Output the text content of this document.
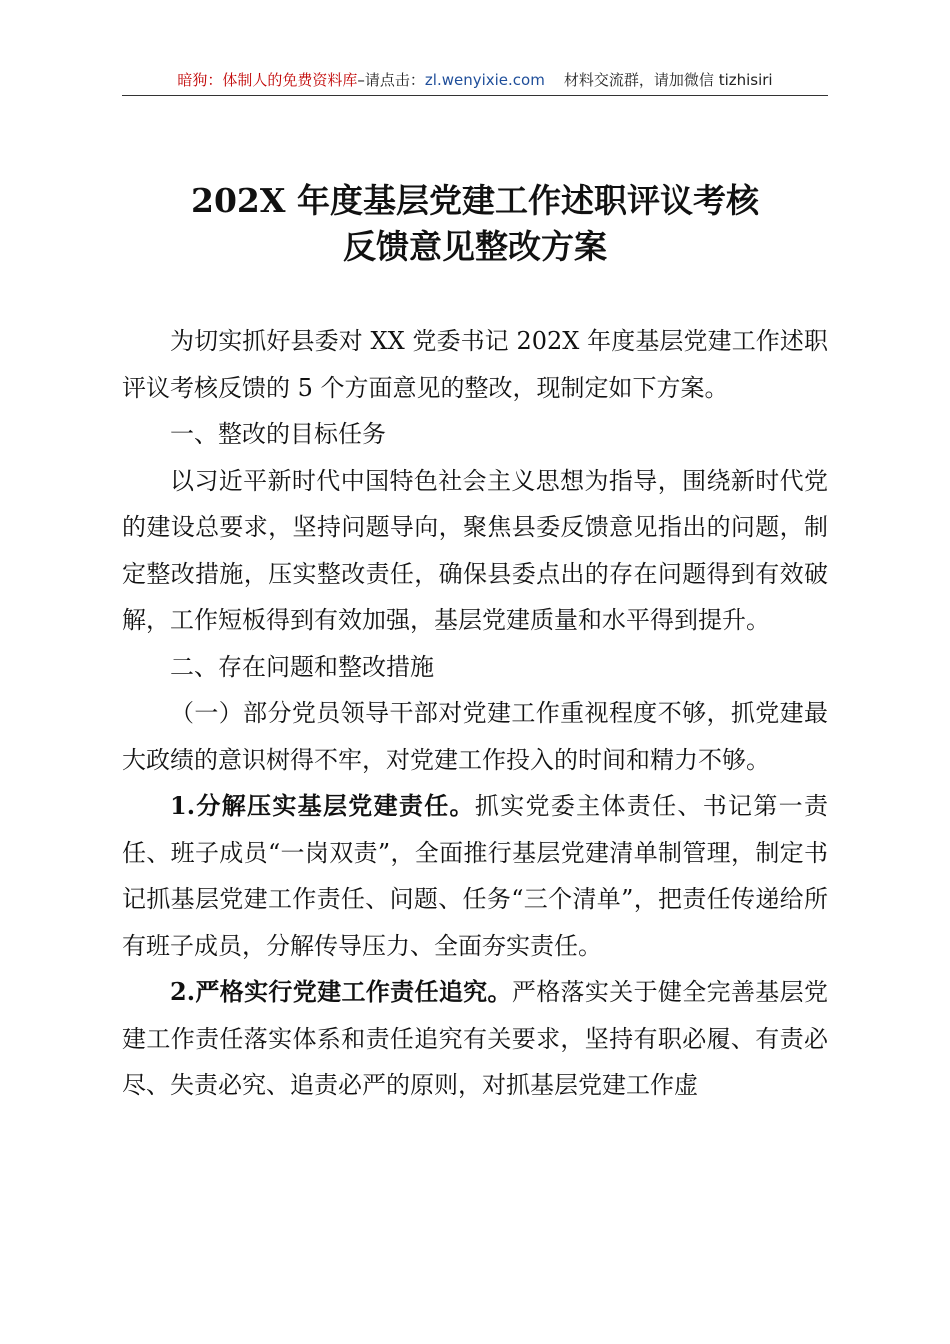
暗狗：体制人的免费资料库–请点击：zl.wenyixie.com 材料交流群，请加微信 tizhisiri
202X 年度基层党建工作述职评议考核
反馈意见整改方案

为切实抓好县委对 XX 党委书记 202X 年度基层党建工作述职评议考核反馈的 5 个方面意见的整改，现制定如下方案。

一、整改的目标任务

以习近平新时代中国特色社会主义思想为指导，围绕新时代党的建设总要求，坚持问题导向，聚焦县委反馈意见指出的问题，制定整改措施，压实整改责任，确保县委点出的存在问题得到有效破解，工作短板得到有效加强，基层党建质量和水平得到提升。

二、存在问题和整改措施

（一）部分党员领导干部对党建工作重视程度不够，抓党建最大政绩的意识树得不牢，对党建工作投入的时间和精力不够。

1.分解压实基层党建责任。抓实党委主体责任、书记第一责任、班子成员“一岗双责”，全面推行基层党建清单制管理，制定书记抓基层党建工作责任、问题、任务“三个清单”，把责任传递给所有班子成员，分解传导压力、全面夯实责任。

2.严格实行党建工作责任追究。严格落实关于健全完善基层党建工作责任落实体系和责任追究有关要求，坚持有职必履、有责必尽、失责必究、追责必严的原则，对抓基层党建工作虚
